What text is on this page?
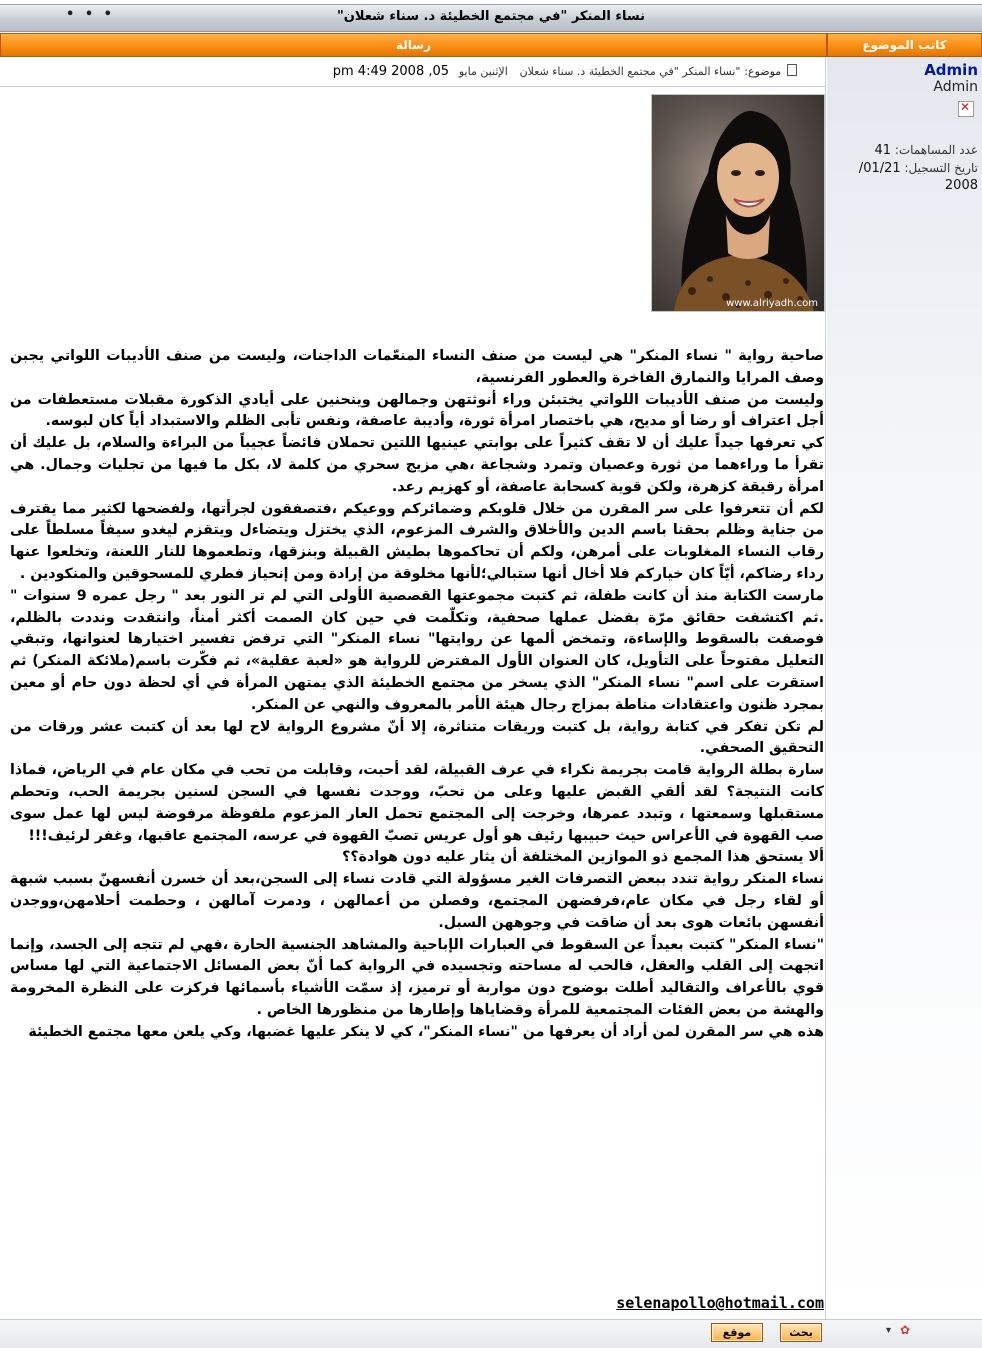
"نساء المنكر "في مجتمع الخطيئة د. سناء شعلان
• • •
رسالة	كاتب الموضوع
موضوع: "نساء المنكر "في مجتمع الخطيئة د. سناء شعلان الإثنين مايو 05, 2008 4:49 pm	Admin
Admin
✕
عدد المساهمات: 41
تاريخ التسجيل: 01/21/
2008
www.alriyadh.com
صاحبة رواية " نساء المنكر" هي ليست من صنف النساء المنعّمات الداجنات، وليست من صنف الأديبات اللواتي يجبن وصف المرايا والنمارق الفاخرة والعطور الفرنسية،
وليست من صنف الأديبات اللواتي يختبئن وراء أنوثتهن وجمالهن وينحنين على أيادي الذكورة مقبلات مستعطفات من أجل اعتراف أو رضا أو مديح، هي باختصار امرأة ثورة، وأديبة عاصفة، ونفس تأبى الظلم والاستبداد أياً كان لبوسه.
كي تعرفها جيداً عليك أن لا تقف كثيراً على بوابتي عينيها اللتين تحملان فائضاً عجيباً من البراءة والسلام، بل عليك أن تقرأ ما وراءهما من ثورة وعصيان وتمرد وشجاعة ،هي مزيج سحري من كلمة لا، بكل ما فيها من تجليات وجمال. هي امرأة رقيقة كزهرة، ولكن قوية كسحابة عاصفة، أو كهزيم رعد.
لكم أن تتعرفوا على سر المقرن من خلال قلوبكم وضمائركم ووعيكم ،فتصفقون لجرأتها، ولفضحها لكثير مما يقترف من جناية وظلم بحقنا باسم الدين والأخلاق والشرف المزعوم، الذي يختزل ويتضاءل ويتقزم ليغدو سيفاً مسلطاً على رقاب النساء المغلوبات على أمرهن، ولكم أن تحاكموها بطيش القبيلة وبنزقها، وتطعموها للنار اللعنة، وتخلعوا عنها رداء رضاكم، أيّاً كان خياركم فلا أخال أنها ستبالي؛لأنها مخلوقة من إرادة ومن إنحياز فطري للمسحوقين والمنكودين .
مارست الكتابة منذ أن كانت طفلة، ثم كتبت مجموعتها القصصية الأولى التي لم تر النور بعد " رجل عمره 9 سنوات " .ثم اكتشفت حقائق مرّة بفضل عملها صحفية، وتكلّمت في حين كان الصمت أكثر أمناً، وانتقدت ونددت بالظلم، فوصفت بالسقوط والإساءة، وتمخض ألمها عن روايتها" نساء المنكر" التي ترفض تفسير اختيارها لعنوانها، وتبقي التعليل مفتوحاً على التأويل، كان العنوان الأول المفترض للرواية هو «لعبة عقلية»، ثم فكّرت باسم(ملائكة المنكر) ثم استقرت على اسم" نساء المنكر" الذي يسخر من مجتمع الخطيئة الذي يمتهن المرأة في أي لحظة دون حام أو معين بمجرد ظنون واعتقادات مناطة بمزاج رجال هيئة الأمر بالمعروف والنهي عن المنكر.
لم تكن تفكر في كتابة رواية، بل كتبت وريقات متناثرة، إلا أنّ مشروع الرواية لاح لها بعد أن كتبت عشر ورقات من التحقيق الصحفي.
سارة بطلة الرواية قامت بجريمة نكراء في عرف القبيلة، لقد أحبت، وقابلت من تحب في مكان عام في الرياض، فماذا كانت النتيجة؟ لقد ألقي القبض عليها وعلى من تحبّ، ووجدت نفسها في السجن لسنين بجريمة الحب، وتحطم مستقبلها وسمعتها ، وتبدد عمرها، وخرجت إلى المجتمع تحمل العار المزعوم ملفوظة مرفوضة ليس لها عمل سوى صب القهوة في الأعراس حيث حبيبها رئيف هو أول عريس تصبّ القهوة في عرسه، المجتمع عاقبها، وغفر لرئيف!!!
ألا يستحق هذا المجمع ذو الموازين المختلفة أن يثار عليه دون هوادة؟؟
نساء المنكر رواية تندد ببعض التصرفات الغير مسؤولة التي قادت نساء إلى السجن،بعد أن خسرن أنفسهنّ بسبب شبهة أو لقاء رجل في مكان عام،فرفضهن المجتمع، وفصلن من أعمالهن ، ودمرت آمالهن ، وحطمت أحلامهن،ووجدن أنفسهن بائعات هوى بعد أن ضاقت في وجوههن السبل.
"نساء المنكر" كتبت بعيداً عن السقوط في العبارات الإباحية والمشاهد الجنسية الحارة ،فهي لم تتجه إلى الجسد، وإنما اتجهت إلى القلب والعقل، فالحب له مساحته وتجسيده في الرواية كما أنّ بعض المسائل الاجتماعية التي لها مساس قوي بالأعراف والتقاليد أطلت بوضوح دون مواربة أو ترميز، إذ سمّت الأشياء بأسمائها فركزت على النظرة المخرومة والهشة من بعض الفئات المجتمعية للمرأة وقضاياها وإطارها من منظورها الخاص .
هذه هي سر المقرن لمن أراد أن يعرفها من "نساء المنكر"، كي لا ينكر عليها غضبها، وكي يلعن معها مجتمع الخطيئة
selenapollo@hotmail.com
بحث
موقع	✿
▾
